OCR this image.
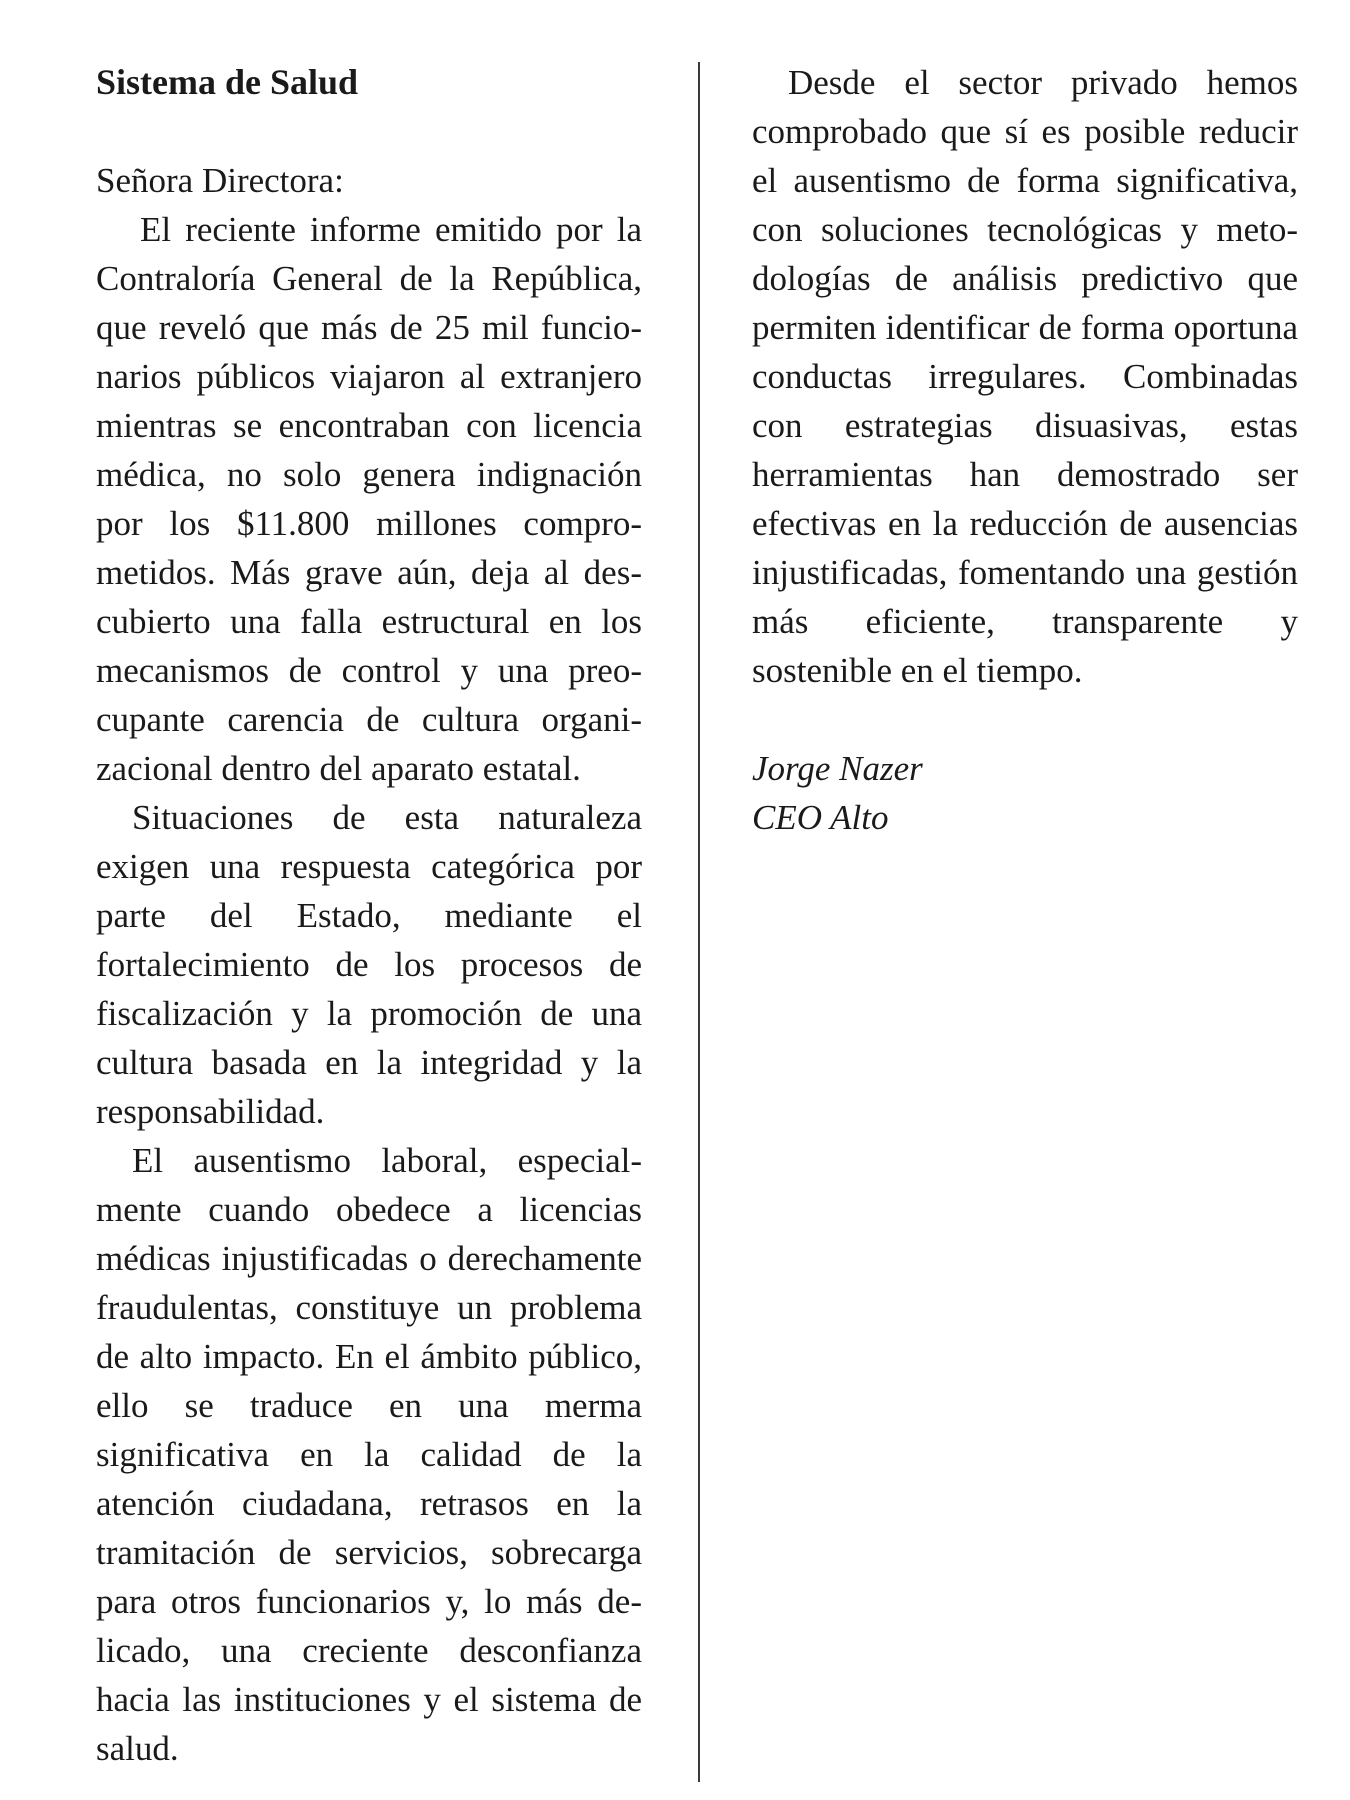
Sistema de Salud
Señora Directora:

El reciente informe emitido por la Contraloría General de la República, que reveló que más de 25 mil funcionarios públicos viajaron al extranjero mientras se encontraban con licencia médica, no solo genera indignación por los $11.800 millones comprometidos. Más grave aún, deja al descubierto una falla estructural en los mecanismos de control y una preocupante carencia de cultura organizacional dentro del aparato estatal.

Situaciones de esta naturaleza exigen una respuesta categórica por parte del Estado, mediante el fortalecimiento de los procesos de fiscalización y la promoción de una cultura basada en la integridad y la responsabilidad.

El ausentismo laboral, especialmente cuando obedece a licencias médicas injustificadas o derechamente fraudulentas, constituye un problema de alto impacto. En el ámbito público, ello se traduce en una merma significativa en la calidad de la atención ciudadana, retrasos en la tramitación de servicios, sobrecarga para otros funcionarios y, lo más delicado, una creciente desconfianza hacia las instituciones y el sistema de salud.

Desde el sector privado hemos comprobado que sí es posible reducir el ausentismo de forma significativa, con soluciones tecnológicas y metodologías de análisis predictivo que permiten identificar de forma oportuna conductas irregulares. Combinadas con estrategias disuasivas, estas herramientas han demostrado ser efectivas en la reducción de ausencias injustificadas, fomentando una gestión más eficiente, transparente y sostenible en el tiempo.

Jorge Nazer
CEO Alto
